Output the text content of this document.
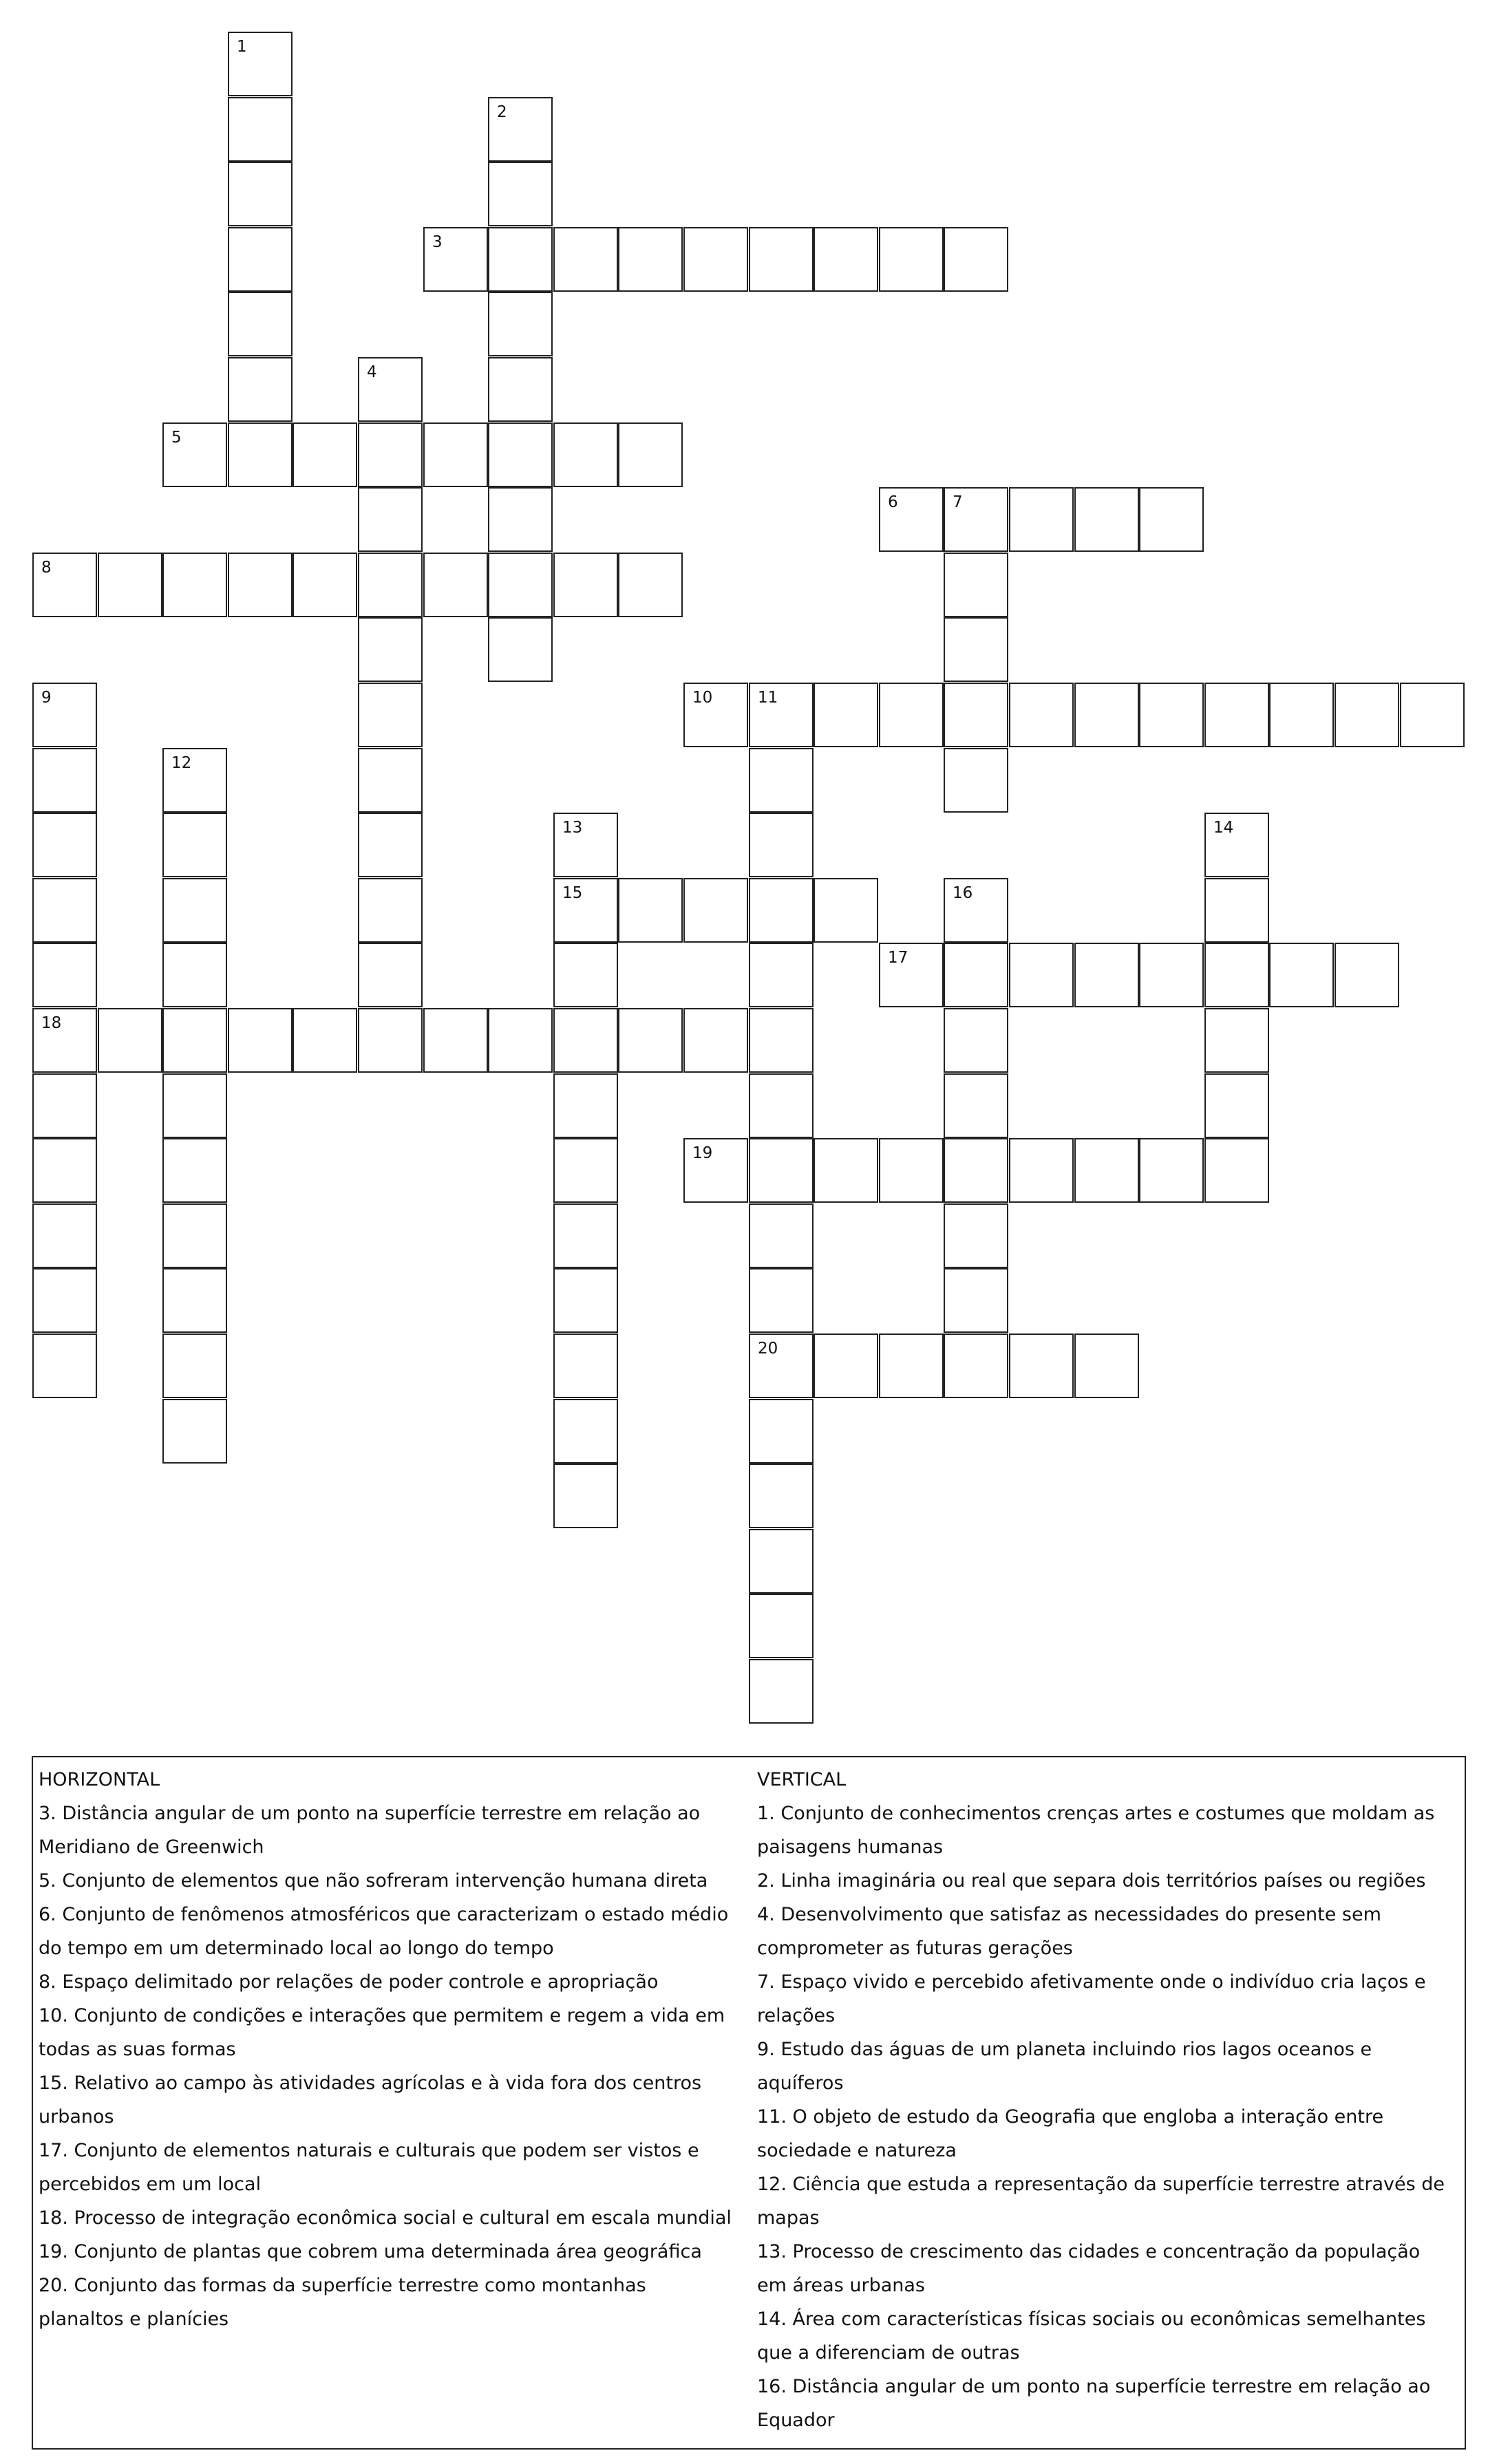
3
5
6	7
8
10	11
15
17
18
19
20
1
2
4
9
12
13	14
16

HORIZONTAL

3. Distância angular de um ponto na superfície terrestre em relação ao Meridiano de Greenwich

5. Conjunto de elementos que não sofreram intervenção humana direta

6. Conjunto de fenômenos atmosféricos que caracterizam o estado médio do tempo em um determinado local ao longo do tempo

8. Espaço delimitado por relações de poder controle e apropriação

10. Conjunto de condições e interações que permitem e regem a vida em todas as suas formas

15. Relativo ao campo às atividades agrícolas e à vida fora dos centros urbanos

17. Conjunto de elementos naturais e culturais que podem ser vistos e percebidos em um local

18. Processo de integração econômica social e cultural em escala mundial

19. Conjunto de plantas que cobrem uma determinada área geográfica

20. Conjunto das formas da superfície terrestre como montanhas planaltos e planícies

VERTICAL

1. Conjunto de conhecimentos crenças artes e costumes que moldam as paisagens humanas

2. Linha imaginária ou real que separa dois territórios países ou regiões

4. Desenvolvimento que satisfaz as necessidades do presente sem comprometer as futuras gerações

7. Espaço vivido e percebido afetivamente onde o indivíduo cria laços e relações

9. Estudo das águas de um planeta incluindo rios lagos oceanos e aquíferos

11. O objeto de estudo da Geografia que engloba a interação entre sociedade e natureza

12. Ciência que estuda a representação da superfície terrestre através de mapas

13. Processo de crescimento das cidades e concentração da população em áreas urbanas

14. Área com características físicas sociais ou econômicas semelhantes que a diferenciam de outras

16. Distância angular de um ponto na superfície terrestre em relação ao Equador
